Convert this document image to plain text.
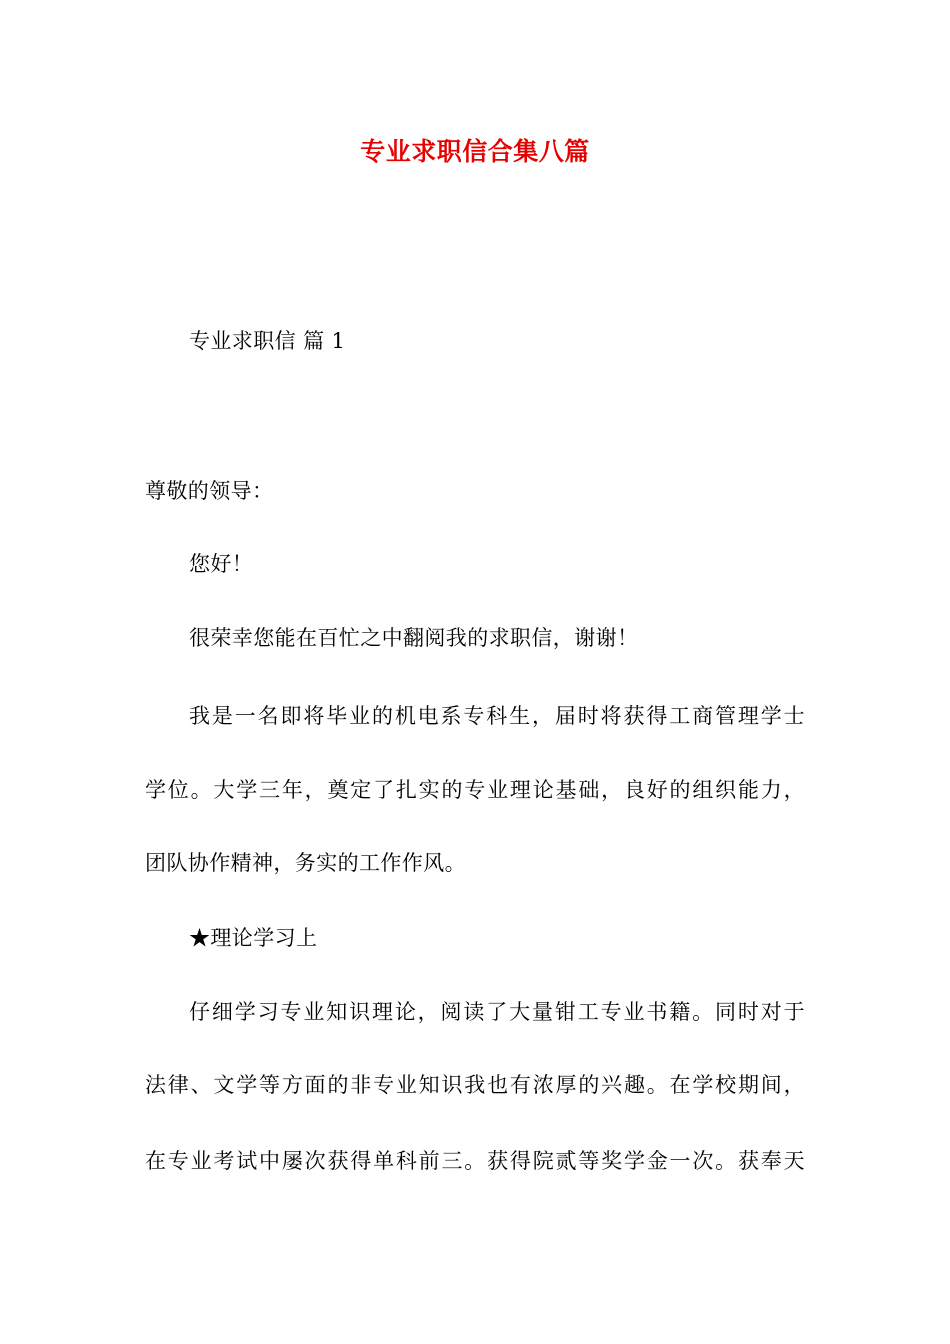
专业求职信合集八篇
专业求职信 篇 1
尊敬的领导：
您好！
很荣幸您能在百忙之中翻阅我的求职信，谢谢！
我是一名即将毕业的机电系专科生，届时将获得工商管理学士
学位。大学三年，奠定了扎实的专业理论基础，良好的组织能力，
团队协作精神，务实的工作作风。
★理论学习上
仔细学习专业知识理论，阅读了大量钳工专业书籍。同时对于
法律、文学等方面的非专业知识我也有浓厚的兴趣。在学校期间，
在专业考试中屡次获得单科前三。获得院贰等奖学金一次。获奉天
